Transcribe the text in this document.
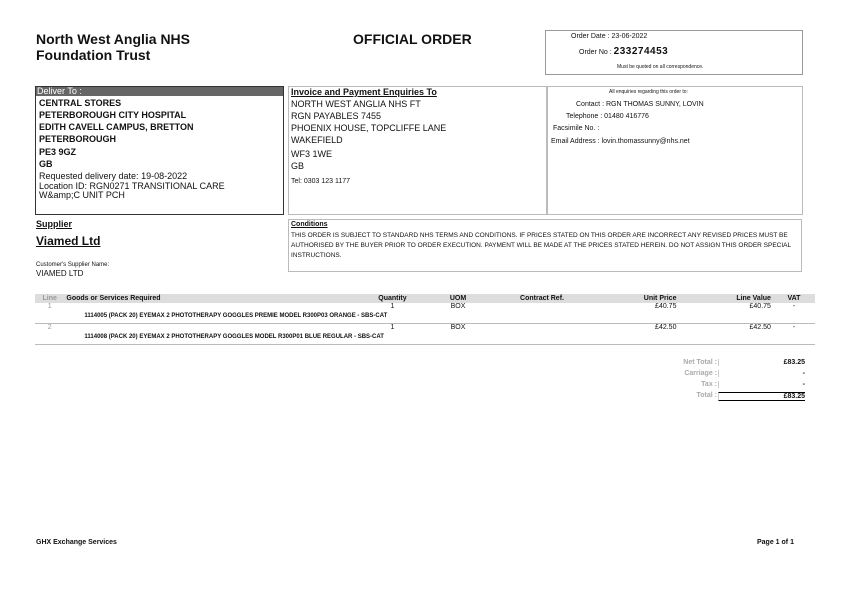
North West Anglia NHS
Foundation Trust
OFFICIAL ORDER	Order Date : 23-06-2022
Order No : 233274453
Must be quoted on all correspondence.
Deliver To :
CENTRAL STORES
PETERBOROUGH CITY HOSPITAL
EDITH CAVELL CAMPUS, BRETTON
PETERBOROUGH
PE3 9GZ
GB
Requested delivery date: 19-08-2022
Location ID: RGN0271 TRANSITIONAL CARE
W&amp;C UNIT PCH
Invoice and Payment Enquiries To
NORTH WEST ANGLIA NHS FT
RGN PAYABLES 7455
PHOENIX HOUSE, TOPCLIFFE LANE
WAKEFIELD
WF3 1WE
GB
Tel: 0303 123 1177
All enquiries regarding this order to:
Contact : RGN THOMAS SUNNY, LOVIN
Telephone : 01480 416776
Facsimile No. :
Email Address : lovin.thomassunny@nhs.net
Supplier
Viamed Ltd
Customer's Supplier Name:
VIAMED LTD
Conditions
THIS ORDER IS SUBJECT TO STANDARD NHS TERMS AND CONDITIONS. IF PRICES STATED ON THIS ORDER ARE INCORRECT ANY REVISED PRICES MUST BE AUTHORISED BY THE BUYER PRIOR TO ORDER EXECUTION. PAYMENT WILL BE MADE AT THE PRICES STATED HEREIN. DO NOT ASSIGN THIS ORDER SPECIAL INSTRUCTIONS.
Line	Goods or Services Required	Quantity	UOM	Contract Ref.	Unit Price	Line Value	VAT
1		1	BOX		£40.75	£40.75	-
	1114005 (PACK 20) EYEMAX 2 PHOTOTHERAPY GOGGLES PREMIE MODEL R300P03 ORANGE - SBS-CAT						
2		1	BOX		£42.50	£42.50	-
	1114008 (PACK 20) EYEMAX 2 PHOTOTHERAPY GOGGLES MODEL R300P01 BLUE REGULAR - SBS-CAT						
Net Total :	£83.25
Carriage :	-
Tax :	-
Total :	£83.25
GHX Exchange Services	Page 1 of 1
